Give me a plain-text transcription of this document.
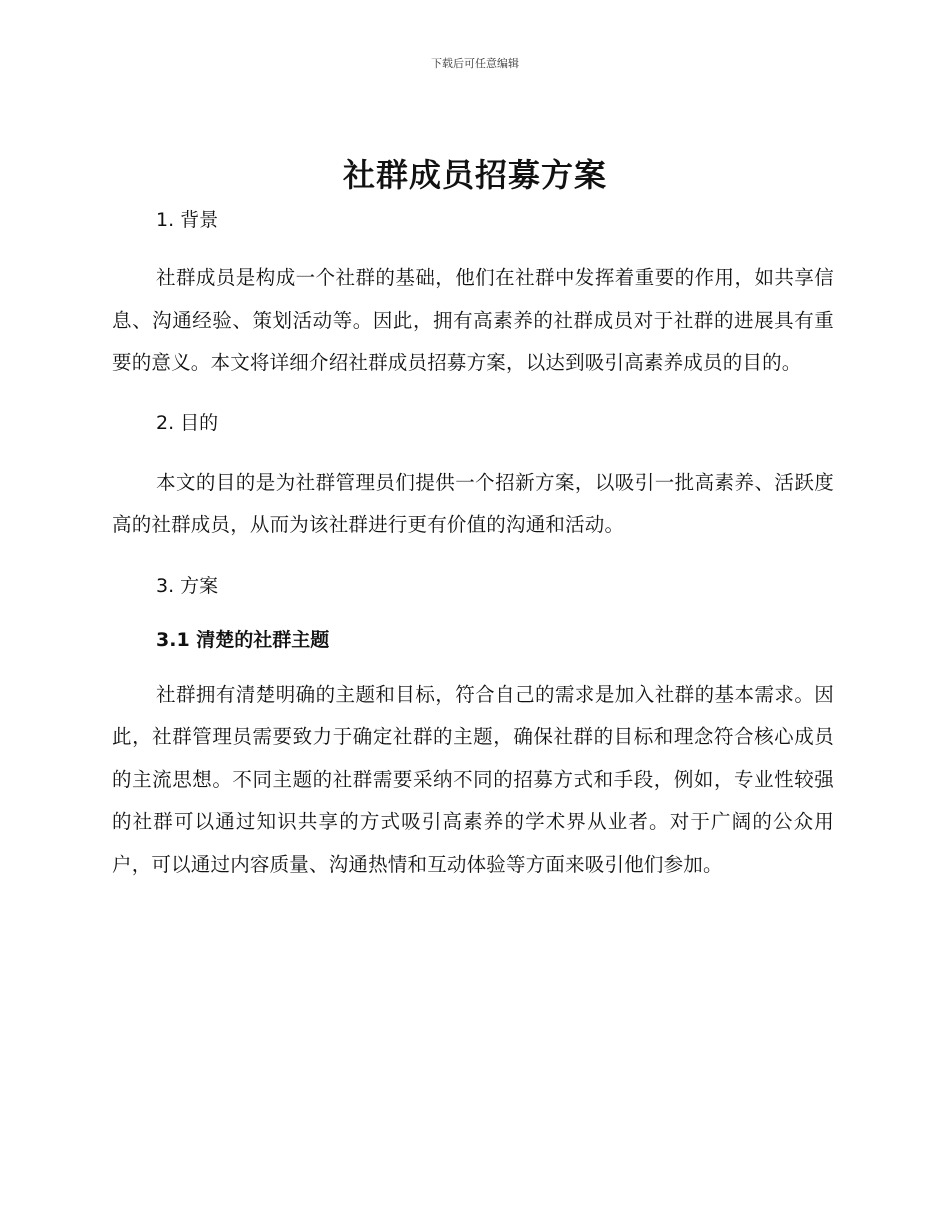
下载后可任意编辑
社群成员招募方案
1. 背景

社群成员是构成一个社群的基础，他们在社群中发挥着重要的作用，如共享信息、沟通经验、策划活动等。因此，拥有高素养的社群成员对于社群的进展具有重要的意义。本文将详细介绍社群成员招募方案，以达到吸引高素养成员的目的。

2. 目的

本文的目的是为社群管理员们提供一个招新方案，以吸引一批高素养、活跃度高的社群成员，从而为该社群进行更有价值的沟通和活动。

3. 方案
3.1 清楚的社群主题

社群拥有清楚明确的主题和目标，符合自己的需求是加入社群的基本需求。因此，社群管理员需要致力于确定社群的主题，确保社群的目标和理念符合核心成员的主流思想。不同主题的社群需要采纳不同的招募方式和手段，例如，专业性较强的社群可以通过知识共享的方式吸引高素养的学术界从业者。对于广阔的公众用户，可以通过内容质量、沟通热情和互动体验等方面来吸引他们参加。
